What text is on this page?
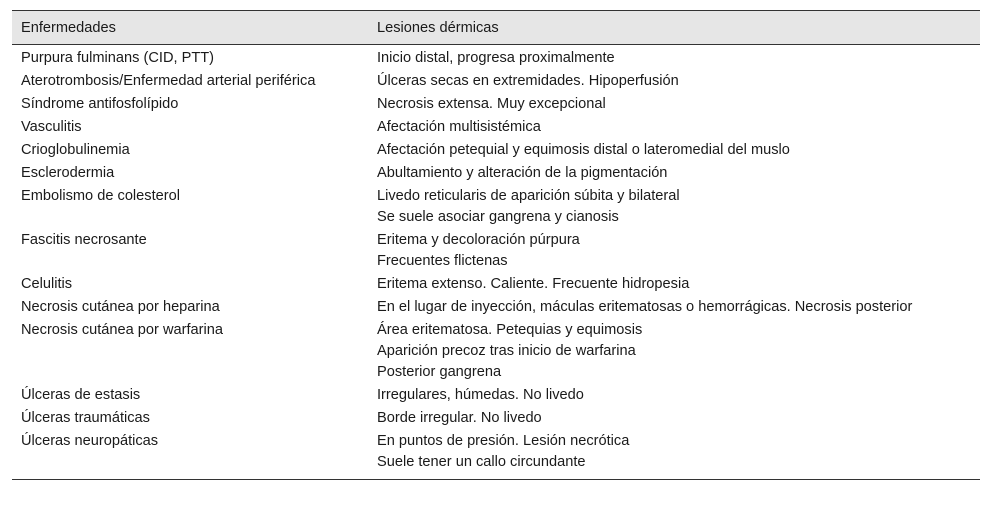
Enfermedades	Lesiones dérmicas
Purpura fulminans (CID, PTT)	Inicio distal, progresa proximalmente
Aterotrombosis/Enfermedad arterial periférica	Úlceras secas en extremidades. Hipoperfusión
Síndrome antifosfolípido	Necrosis extensa. Muy excepcional
Vasculitis	Afectación multisistémica
Crioglobulinemia	Afectación petequial y equimosis distal o lateromedial del muslo
Esclerodermia	Abultamiento y alteración de la pigmentación
Embolismo de colesterol	Livedo reticularis de aparición súbita y bilateral
Se suele asociar gangrena y cianosis
Fascitis necrosante	Eritema y decoloración púrpura
Frecuentes flictenas
Celulitis	Eritema extenso. Caliente. Frecuente hidropesia
Necrosis cutánea por heparina	En el lugar de inyección, máculas eritematosas o hemorrágicas. Necrosis posterior
Necrosis cutánea por warfarina	Área eritematosa. Petequias y equimosis
Aparición precoz tras inicio de warfarina
Posterior gangrena
Úlceras de estasis	Irregulares, húmedas. No livedo
Úlceras traumáticas	Borde irregular. No livedo
Úlceras neuropáticas	En puntos de presión. Lesión necrótica
Suele tener un callo circundante
